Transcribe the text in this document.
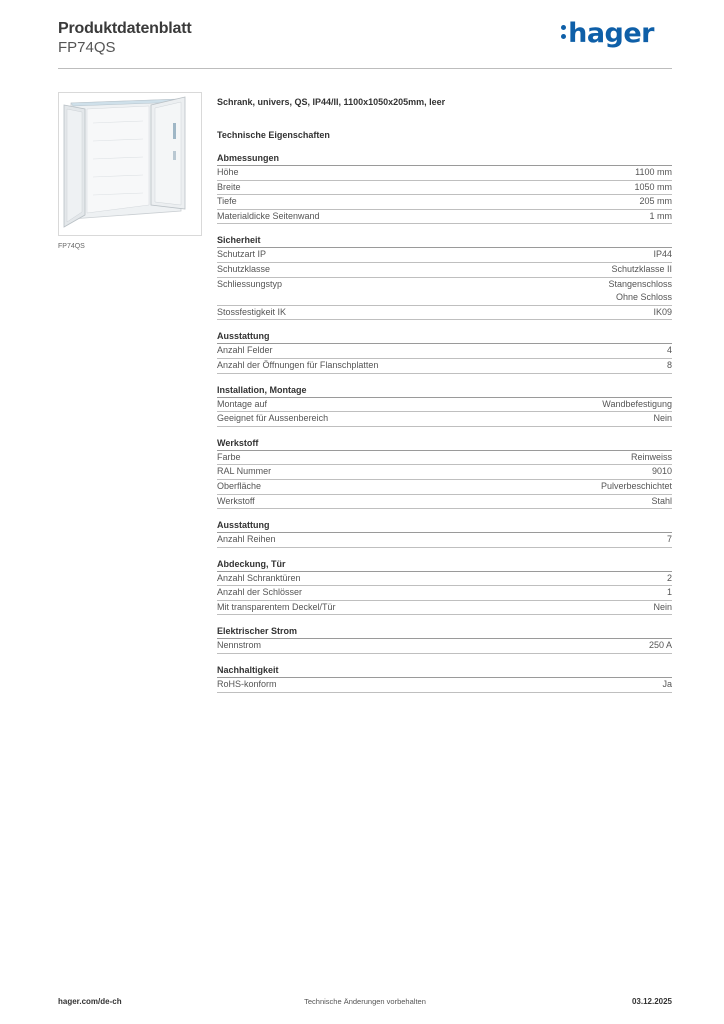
Produktdatenblatt
FP74QS	hager
FP74QS
Schrank, univers, QS, IP44/II, 1100x1050x205mm, leer
Technische Eigenschaften
Abmessungen
Höhe	1100 mm
Breite	1050 mm
Tiefe	205 mm
Materialdicke Seitenwand	1 mm
Sicherheit
Schutzart IP	IP44
Schutzklasse	Schutzklasse II
Schliessungstyp	Stangenschloss
Ohne Schloss
Stossfestigkeit IK	IK09
Ausstattung
Anzahl Felder	4
Anzahl der Öffnungen für Flanschplatten	8
Installation, Montage
Montage auf	Wandbefestigung
Geeignet für Aussenbereich	Nein
Werkstoff
Farbe	Reinweiss
RAL Nummer	9010
Oberfläche	Pulverbeschichtet
Werkstoff	Stahl
Ausstattung
Anzahl Reihen	7
Abdeckung, Tür
Anzahl Schranktüren	2
Anzahl der Schlösser	1
Mit transparentem Deckel/Tür	Nein
Elektrischer Strom
Nennstrom	250 A
Nachhaltigkeit
RoHS-konform	Ja
Technische Änderungen vorbehalten
hager.com/de-ch	03.12.2025
